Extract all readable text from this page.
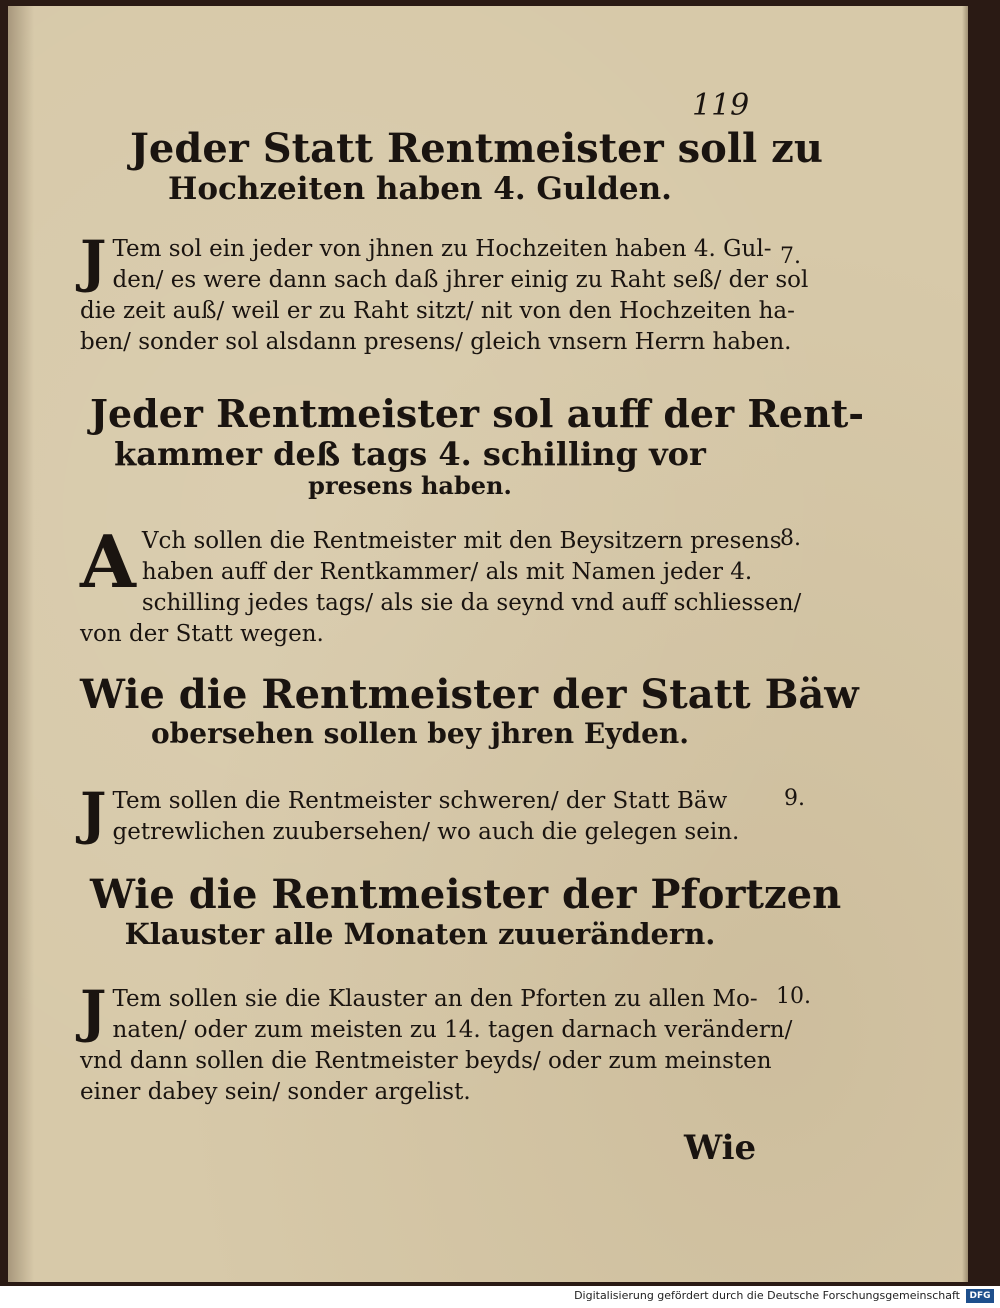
119
Jeder Statt Rentmeister soll zu
Hochzeiten haben 4. Gulden.
J Tem sol ein jeder von jhnen zu Hochzeiten haben 4. Gul-
den/ es were dann sach daß jhrer einig zu Raht seß/ der sol
die zeit auß/ weil er zu Raht sitzt/ nit von den Hochzeiten ha-
ben/ sonder sol alsdann presens/ gleich vnsern Herrn haben.
7.
Jeder Rentmeister sol auff der Rent-
kammer deß tags 4. schilling vor
presens haben.
A Vch sollen die Rentmeister mit den Beysitzern presens
haben auff der Rentkammer/ als mit Namen jeder 4.
schilling jedes tags/ als sie da seynd vnd auff schliessen/
von der Statt wegen.
8.
Wie die Rentmeister der Statt Bäw
obersehen sollen bey jhren Eyden.
J Tem sollen die Rentmeister schweren/ der Statt Bäw
getrewlichen zuubersehen/ wo auch die gelegen sein.
9.
Wie die Rentmeister der Pfortzen
Klauster alle Monaten zuuerändern.
J Tem sollen sie die Klauster an den Pforten zu allen Mo-
naten/ oder zum meisten zu 14. tagen darnach verändern/
vnd dann sollen die Rentmeister beyds/ oder zum meinsten
einer dabey sein/ sonder argelist.
10.
Wie
Digitalisierung gefördert durch die Deutsche Forschungsgemeinschaft	DFG
